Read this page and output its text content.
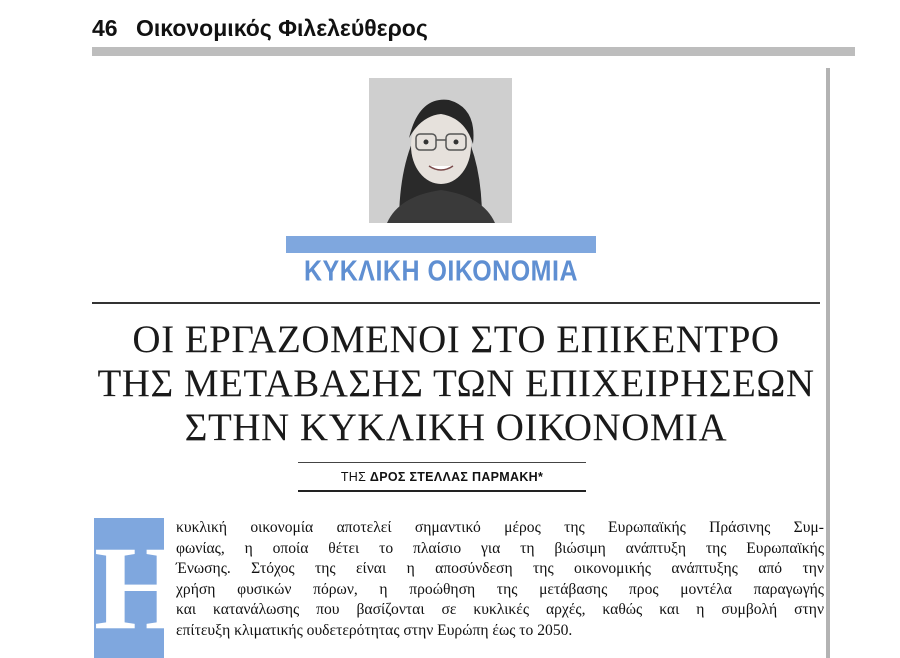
46 Οικονομικός Φιλελεύθερος
ΚΥΚΛΙΚΗ ΟΙΚΟΝΟΜΙΑ
ΟΙ ΕΡΓΑΖΟΜΕΝΟΙ ΣΤΟ ΕΠΙΚΕΝΤΡΟ
ΤΗΣ ΜΕΤΑΒΑΣΗΣ ΤΩΝ ΕΠΙΧΕΙΡΗΣΕΩΝ
ΣΤΗΝ ΚΥΚΛΙΚΗ ΟΙΚΟΝΟΜΙΑ
ΤΗΣ ΔΡΟΣ ΣΤΕΛΛΑΣ ΠΑΡΜΑΚΗ*
Η
κυκλική οικονομία αποτελεί σημαντικό μέρος της Ευρωπαϊκής Πράσινης Συμ-
φωνίας, η οποία θέτει το πλαίσιο για τη βιώσιμη ανάπτυξη της Ευρωπαϊκής
Ένωσης. Στόχος της είναι η αποσύνδεση της οικονομικής ανάπτυξης από την
χρήση φυσικών πόρων, η προώθηση της μετάβασης προς μοντέλα παραγωγής
και κατανάλωσης που βασίζονται σε κυκλικές αρχές, καθώς και η συμβολή στην
επίτευξη κλιματικής ουδετερότητας στην Ευρώπη έως το 2050.
